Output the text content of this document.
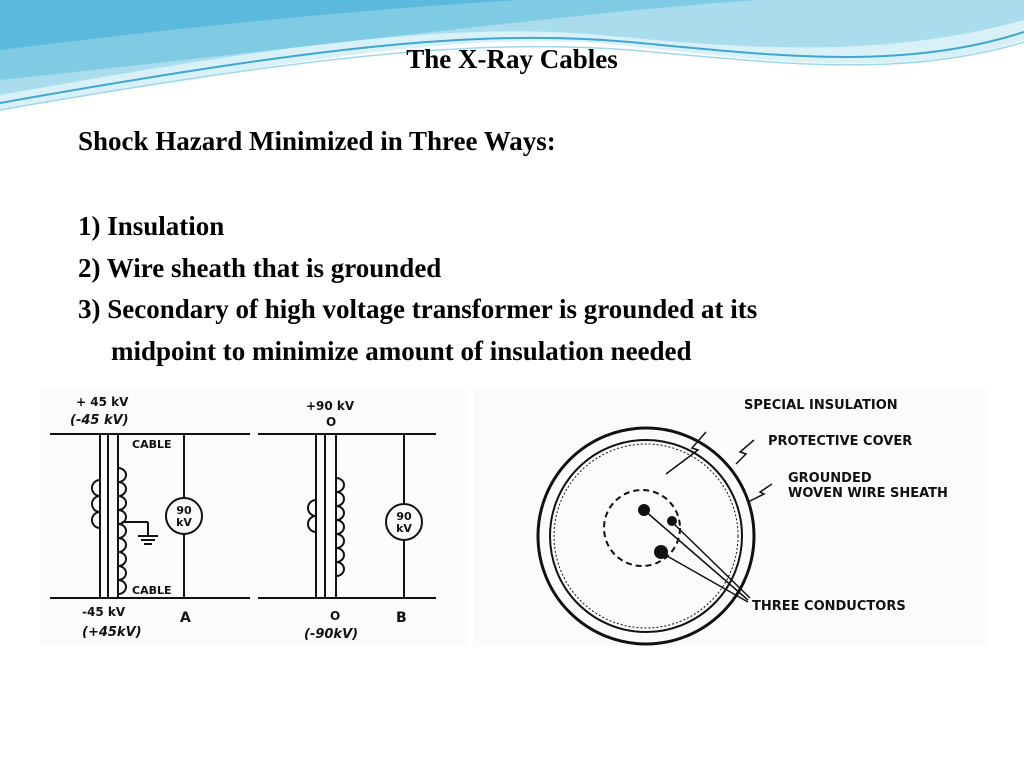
The X-Ray Cables
Shock Hazard Minimized in Three Ways:
1) Insulation
2) Wire sheath that is grounded
3) Secondary of high voltage transformer is grounded at its
midpoint to minimize amount of insulation needed
+ 45 kV
(-45 kV)
CABLE
CABLE
90
kV
-45 kV
(+45kV)
A
+90 kV
O
90
kV
O
(-90kV)
B
SPECIAL INSULATION
PROTECTIVE COVER
GROUNDED
WOVEN WIRE SHEATH
THREE CONDUCTORS
